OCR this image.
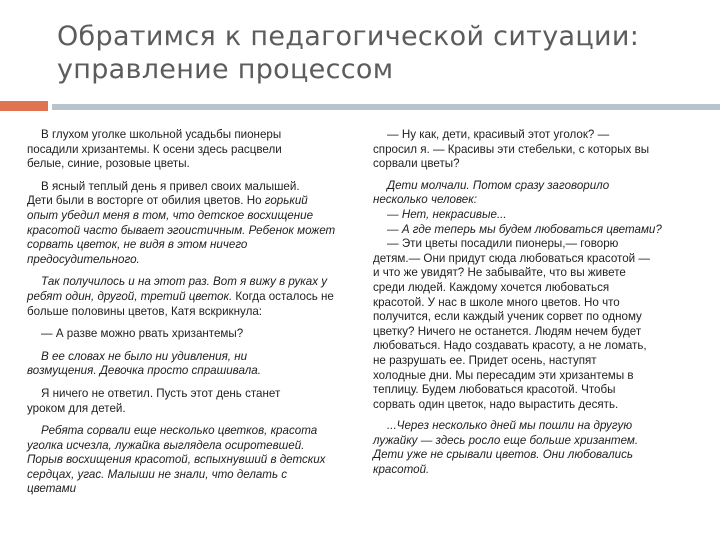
Обратимся к педагогической ситуации:
управление процессом

В глухом уголке школьной усадьбы пионеры
посадили хризантемы. К осени здесь расцвели
белые, синие, розовые цветы.

В ясный теплый день я привел своих малышей.
Дети были в восторге от обилия цветов. Но горький
опыт убедил меня в том, что детское восхищение
красотой часто бывает эгоистичным. Ребенок может
сорвать цветок, не видя в этом ничего
предосудительного.

Так получилось и на этот раз. Вот я вижу в руках у
ребят один, другой, третий цветок. Когда осталось не
больше половины цветов, Катя вскрикнула:

— А разве можно рвать хризантемы?

В ее словах не было ни удивления, ни
возмущения. Девочка просто спрашивала.

Я ничего не ответил. Пусть этот день станет
уроком для детей.

Ребята сорвали еще несколько цветков, красота
уголка исчезла, лужайка выглядела осиротевшей.
Порыв восхищения красотой, вспыхнувший в детских
сердцах, угас. Малыши не знали, что делать с
цветами

— Ну как, дети, красивый этот уголок? —
спросил я. — Красивы эти стебельки, с которых вы
сорвали цветы?

Дети молчали. Потом сразу заговорило
несколько человек:
— Нет, некрасивые...
— А где теперь мы будем любоваться цветами?

— Эти цветы посадили пионеры,— говорю
детям.— Они придут сюда любоваться красотой —
и что же увидят? Не забывайте, что вы живете
среди людей. Каждому хочется любоваться
красотой. У нас в школе много цветов. Но что
получится, если каждый ученик сорвет по одному
цветку? Ничего не останется. Людям нечем будет
любоваться. Надо создавать красоту, а не ломать,
не разрушать ее. Придет осень, наступят
холодные дни. Мы пересадим эти хризантемы в
теплицу. Будем любоваться красотой. Чтобы
сорвать один цветок, надо вырастить десять.

...Через несколько дней мы пошли на другую
лужайку — здесь росло еще больше хризантем.
Дети уже не срывали цветов. Они любовались
красотой.
